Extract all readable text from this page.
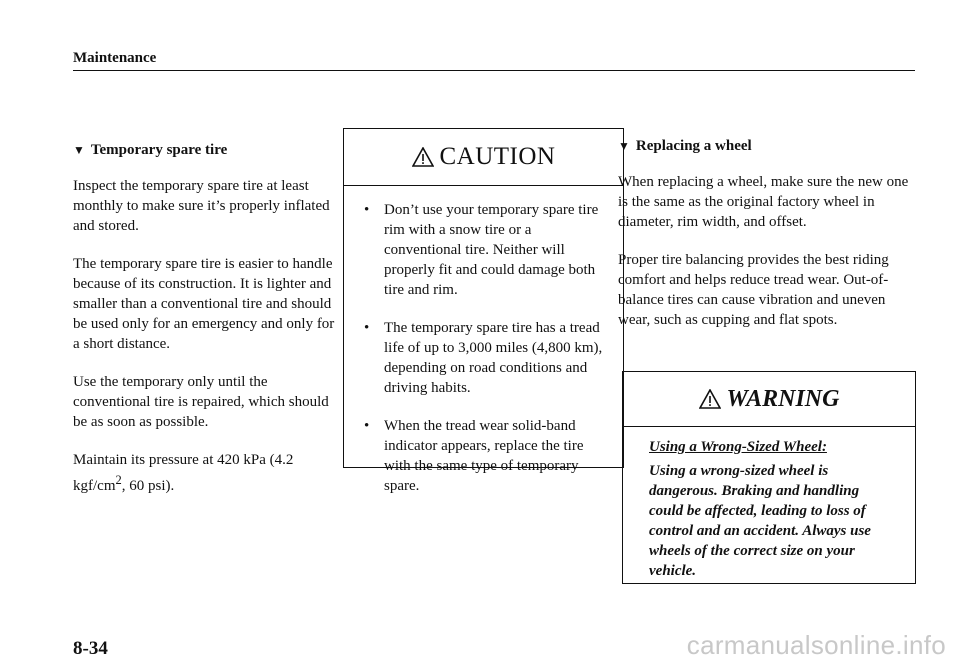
Maintenance
▼ Temporary spare tire

Inspect the temporary spare tire at least monthly to make sure it’s properly inflated and stored.

The temporary spare tire is easier to handle because of its construction. It is lighter and smaller than a conventional tire and should be used only for an emergency and only for a short distance.

Use the temporary only until the conventional tire is repaired, which should be as soon as possible.

Maintain its pressure at 420 kPa (4.2 kgf/$cm^2$, 60 psi).

CAUTION
• Don’t use your temporary spare tire rim with a snow tire or a conventional tire. Neither will properly fit and could damage both tire and rim.
• The temporary spare tire has a tread life of up to 3,000 miles (4,800 km), depending on road conditions and driving habits.
• When the tread wear solid-band indicator appears, replace the tire with the same type of temporary spare.
▼ Replacing a wheel

When replacing a wheel, make sure the new one is the same as the original factory wheel in diameter, rim width, and offset.

Proper tire balancing provides the best riding comfort and helps reduce tread wear. Out-of-balance tires can cause vibration and uneven wear, such as cupping and flat spots.

WARNING

Using a Wrong-Sized Wheel:

Using a wrong-sized wheel is dangerous. Braking and handling could be affected, leading to loss of control and an accident. Always use wheels of the correct size on your vehicle.

8-34	carmanualsonline.info
